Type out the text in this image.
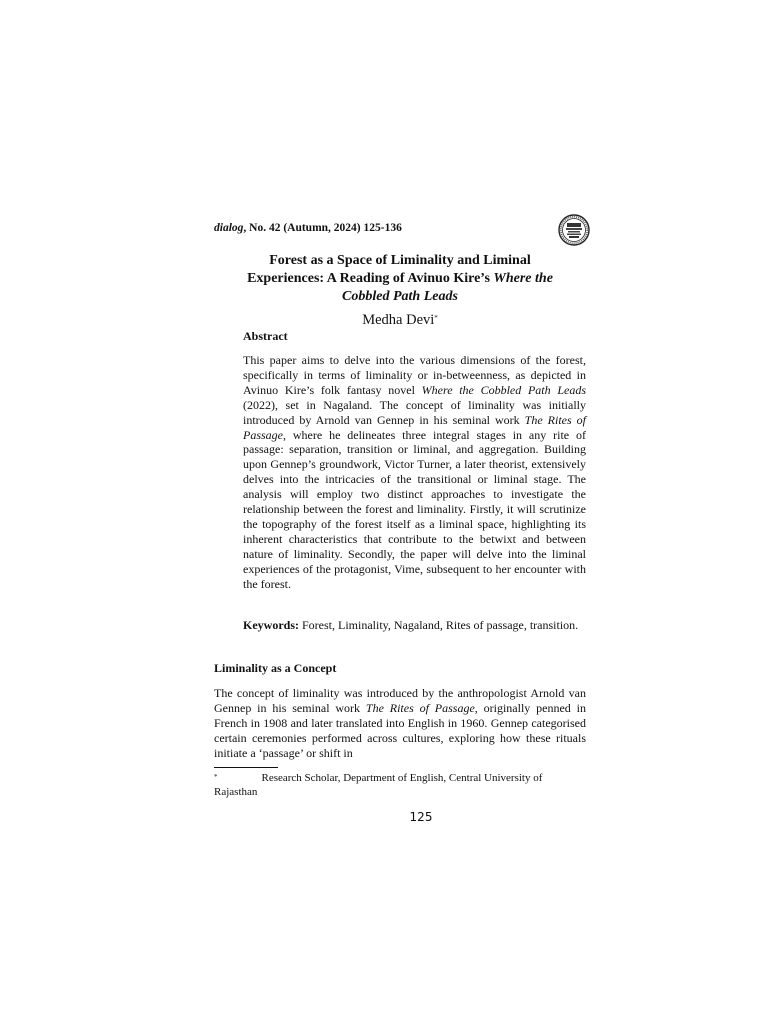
dialog, No. 42 (Autumn, 2024) 125-136
Forest as a Space of Liminality and Liminal
Experiences: A Reading of Avinuo Kire’s Where the
Cobbled Path Leads
Medha Devi*
Abstract

This paper aims to delve into the various dimensions of the forest, specifically in terms of liminality or in-betweenness, as depicted in Avinuo Kire’s folk fantasy novel Where the Cobbled Path Leads (2022), set in Nagaland. The concept of liminality was initially introduced by Arnold van Gennep in his seminal work The Rites of Passage, where he delineates three integral stages in any rite of passage: separation, transition or liminal, and aggregation. Building upon Gennep’s groundwork, Victor Turner, a later theorist, extensively delves into the intricacies of the transitional or liminal stage. The analysis will employ two distinct approaches to investigate the relationship between the forest and liminality. Firstly, it will scrutinize the topography of the forest itself as a liminal space, highlighting its inherent characteristics that contribute to the betwixt and between nature of liminality. Secondly, the paper will delve into the liminal experiences of the protagonist, Vime, subsequent to her encounter with the forest.

Keywords: Forest, Liminality, Nagaland, Rites of passage, transition.

Liminality as a Concept

The concept of liminality was introduced by the anthropologist Arnold van Gennep in his seminal work The Rites of Passage, originally penned in French in 1908 and later translated into English in 1960. Gennep categorised certain ceremonies performed across cultures, exploring how these rituals initiate a ‘passage’ or shift in

*	Research Scholar, Department of English, Central University of Rajasthan

125
